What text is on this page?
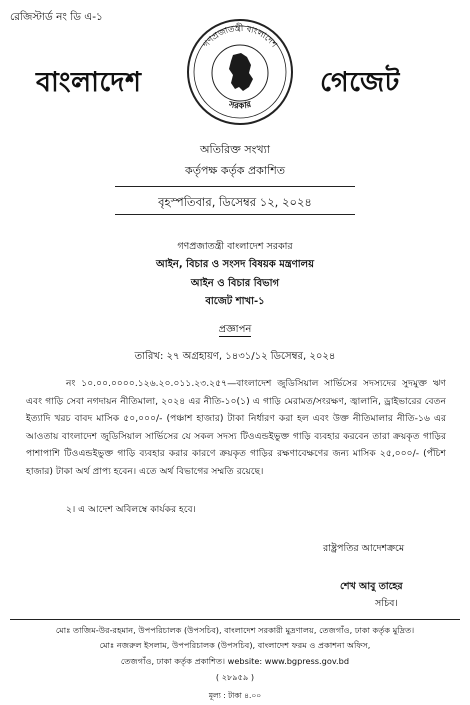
রেজিস্টার্ড নং ডি এ-১
বাংলাদেশ
গণপ্রজাতন্ত্রী বাংলাদেশ
সরকার
গেজেট
অতিরিক্ত সংখ্যা
কর্তৃপক্ষ কর্তৃক প্রকাশিত
বৃহস্পতিবার, ডিসেম্বর ১২, ২০২৪
গণপ্রজাতন্ত্রী বাংলাদেশ সরকার
আইন, বিচার ও সংসদ বিষয়ক মন্ত্রণালয়
আইন ও বিচার বিভাগ
বাজেট শাখা-১
প্রজ্ঞাপন
তারিখ: ২৭ অগ্রহায়ণ, ১৪৩১/১২ ডিসেম্বর, ২০২৪
নং ১০.০০.০০০০.১২৬.২০.০১১.২৩.২৫৭—বাংলাদেশ জুডিসিয়াল সার্ভিসের সদস্যদের সুদমুক্ত ঋণ এবং গাড়ি সেবা নগদায়ন নীতিমালা, ২০২৪ এর নীতি-১০(১) এ গাড়ি মেরামত/সংরক্ষণ, জ্বালানি, ড্রাইভারের বেতন ইত্যাদি খরচ বাবদ মাসিক ৫০,০০০/- (পঞ্চাশ হাজার) টাকা নির্ধারণ করা হল এবং উক্ত নীতিমালার নীতি-১৬ এর আওতায় বাংলাদেশ জুডিসিয়াল সার্ভিসের যে সকল সদস্য টিওএন্ডইভুক্ত গাড়ি ব্যবহার করবেন তারা ক্রয়কৃত গাড়ির পাশাপাশি টিওএন্ডইভুক্ত গাড়ি ব্যবহার করার কারণে ক্রয়কৃত গাড়ির রক্ষণাবেক্ষণের জন্য মাসিক ২৫,০০০/- (পঁচিশ হাজার) টাকা অর্থ প্রাপ্য হবেন। এতে অর্থ বিভাগের সম্মতি রয়েছে।
২। এ আদেশ অবিলম্বে কার্যকর হবে।
রাষ্ট্রপতির আদেশক্রমে
শেখ আবু তাহের
সচিব।
মোঃ তাজিম-উর-রহমান, উপপরিচালক (উপসচিব), বাংলাদেশ সরকারী মুদ্রণালয়, তেজগাঁও, ঢাকা কর্তৃক মুদ্রিত।
মোঃ নজরুল ইসলাম, উপপরিচালক (উপসচিব), বাংলাদেশ ফরম ও প্রকাশনা অফিস,
তেজগাঁও, ঢাকা কর্তৃক প্রকাশিত। website: www.bgpress.gov.bd
( ২৮৯৫৯ )
মূল্য : টাকা ৪.০০
